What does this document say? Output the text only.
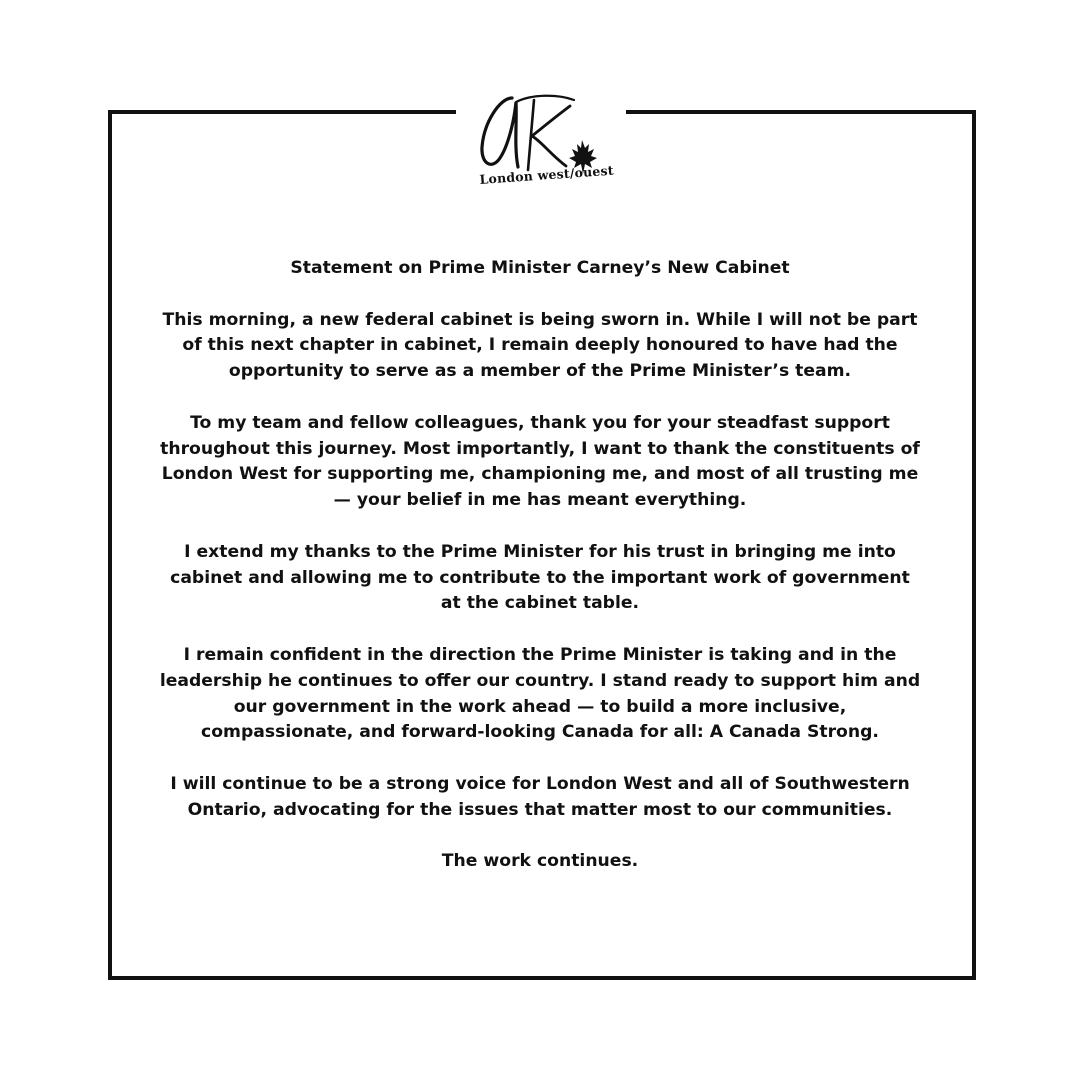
London west/ouest

Statement on Prime Minister Carney’s New Cabinet

This morning, a new federal cabinet is being sworn in. While I will not be part
of this next chapter in cabinet, I remain deeply honoured to have had the
opportunity to serve as a member of the Prime Minister’s team.

To my team and fellow colleagues, thank you for your steadfast support
throughout this journey. Most importantly, I want to thank the constituents of
London West for supporting me, championing me, and most of all trusting me
— your belief in me has meant everything.

I extend my thanks to the Prime Minister for his trust in bringing me into
cabinet and allowing me to contribute to the important work of government
at the cabinet table.

I remain confident in the direction the Prime Minister is taking and in the
leadership he continues to offer our country. I stand ready to support him and
our government in the work ahead — to build a more inclusive,
compassionate, and forward-looking Canada for all: A Canada Strong.

I will continue to be a strong voice for London West and all of Southwestern
Ontario, advocating for the issues that matter most to our communities.

The work continues.
